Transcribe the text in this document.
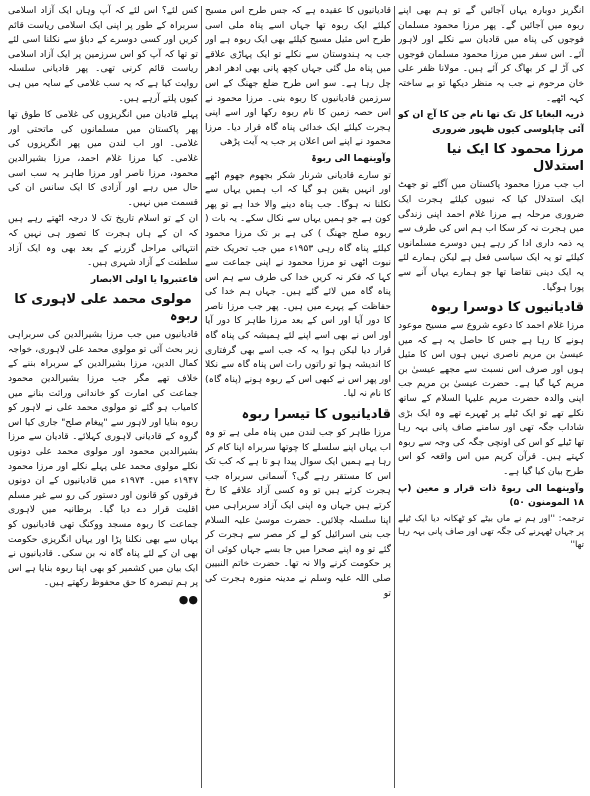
انگریز دوبارہ یہاں آجائیں گے تو ہم بھی اپنے ربوہ میں آجائیں گے۔ پھر مرزا محمود مسلمان فوجوں کی پناہ میں قادیان سے نکلے اور لاہور آئے۔ اس سفر میں مرزا محمود مسلمان فوجوں کی آڑ لے کر بھاگ کر آئے ہیں۔ مولانا ظفر علی خان مرحوم نے جب یہ منظر دیکھا تو بے ساختہ کہہ اٹھے۔

ذریہ البغایا کل تک تھا نام جن کا آج ان کو آئی چاپلوسی کیوں ظہور ضروری

مرزا محمود کا ایک نیا استدلال

اب جب مرزا محمود پاکستان میں آگئے تو جھٹ ایک استدلال کیا کہ نبیوں کیلئے ہجرت ایک ضروری مرحلہ ہے مرزا غلام احمد اپنی زندگی میں ہجرت نہ کر سکا اب ہم اس کی طرف سے یہ ذمہ داری ادا کر رہے ہیں دوسرے مسلمانوں کیلئے تو یہ ایک سیاسی فعل ہے لیکن ہمارے لئے یہ ایک دینی تقاضا تھا جو ہمارے یہاں آنے سے پورا ہوگیا۔

قادیانیوں کا دوسرا ربوہ

مرزا غلام احمد کا دعوے شروع سے مسیح موعود ہونے کا رہا ہے جس کا حاصل یہ ہے کہ میں عیسیٰ بن مریم ناصری نہیں ہوں اس کا مثیل ہوں اور صرف اس نسبت سے مجھے عیسیٰ بن مریم کہا گیا ہے۔ حضرت عیسیٰ بن مریم جب اپنی والدہ حضرت مریم علیہا السلام کے ساتھ نکلے تھے تو ایک ٹیلے پر ٹھہرے تھے وہ ایک بڑی شاداب جگہ تھی اور سامنے صاف پانی بہہ رہا تھا ٹیلے کو اس کی اونچی جگہ کی وجہ سے ربوہ کہتے ہیں۔ قرآن کریم میں اس واقعہ کو اس طرح بیان کیا گیا ہے۔

وآوینھما الی ربوۃ ذات قرار و معین (پ ۱۸ المومنون ۵۰)

ترجمہ: ''اور ہم نے ماں بیٹے کو ٹھکانہ دیا ایک ٹیلے پر جہاں ٹھہرنے کی جگہ تھی اور صاف پانی بہہ رہا تھا''

قادیانیوں کا عقیدہ ہے کہ جس طرح اس مسیح کیلئے ایک ربوہ تھا جہاں اسے پناہ ملی اسی طرح اس مثیل مسیح کیلئے بھی ایک ربوہ ہے اور جب یہ ہندوستان سے نکلے تو ایک پہاڑی علاقے میں پناہ مل گئی جہاں کچھ پانی بھی ادھر ادھر چل رہا ہے۔ سو اس طرح ضلع جھنگ کے اس سرزمین قادیانیوں کا ربوہ بنی۔ مرزا محمود نے اس حصہ زمین کا نام ربوہ رکھا اور اسے اپنی ہجرت کیلئے ایک خدائی پناہ گاہ قرار دیا۔ مرزا محمود نے اپنے اس اعلان پر جب یہ آیت پڑھی

وآوینھما الی ربوۃ

تو سارے قادیانی شرنار شکر بجھوم جھوم اٹھے اور انہیں یقین ہو گیا کہ اب ہمیں یہاں سے نکلنا نہ ہوگا۔ جب پناہ دینے والا خدا ہے تو پھر کون ہے جو ہمیں یہاں سے نکال سکے۔ یہ بات ( ربوہ صلح جھنگ ) کی ہے بر تک مرزا محمود کیلئے پناہ گاہ رہی ۱۹۵۳ء میں جب تحریک ختم نبوت اٹھی تو مرزا محمود نے اپنی جماعت سے کہا کہ فکر نہ کریں خدا کی طرف سے ہم اس پناہ گاہ میں لائے گئے ہیں۔ جہاں ہم خدا کی حفاظت کے پہرے میں ہیں۔ پھر جب مرزا ناصر کا دور آیا اور اس کے بعد مرزا طاہر کا دور آیا اور اس نے بھی اسے اپنے لئے ہمیشہ کی پناہ گاہ قرار دیا لیکن ہوا یہ کہ جب اسے بھی گرفتاری کا اندیشہ ہوا تو راتوں رات اس پناہ گاہ سے نکلا اور پھر اس نے کبھی اس کے ربوہ ہونے (پناہ گاہ) کا نام نہ لیا۔

قادیانیوں کا تیسرا ربوہ

مرزا طاہر کو جب لندن میں پناہ ملی ہے تو وہ اب یہاں اپنے سلسلے کا چوتھا سربراہ اپنا کام کر رہا ہے ہمیں ایک سوال پیدا ہو تا ہے کہ کب تک اس کا مستقر رہے گی؟ آسمانی سربراہ جب ہجرت کرتے ہیں تو وہ کسی آزاد علاقے کا رخ کرتے ہیں جہاں وہ اپنی ایک آزاد سربراہی میں اپنا سلسلہ چلائیں۔ حضرت موسیٰ علیہ السلام جب بنی اسرائیل کو لے کر مصر سے ہجرت کر گئے تو وہ اپنے صحرا میں جا بسے جہاں کوئی ان پر حکومت کرنے والا نہ تھا۔ حضرت خاتم النبیین صلی اللہ علیہ وسلم نے مدینہ منورہ ہجرت کی تو

کس لئے؟ اس لئے کہ آپ وہاں ایک آزاد اسلامی سربراہ کے طور پر اپنی ایک اسلامی ریاست قائم کریں اور کسی دوسرے کے دباؤ سے نکلنا اسی لئے تو تھا کہ آپ کو اس سرزمین پر ایک آزاد اسلامی ریاست قائم کرنی تھی۔ پھر قادیانی سلسلہ روایت کیا ہے کہ یہ سب غلامی کے سایہ میں ہی کیوں پلتے آرہے ہیں۔

پہلے قادیان میں انگریزوں کی غلامی کا طوق تھا پھر پاکستان میں مسلمانوں کی ماتحتی اور غلامی۔ اور اب لندن میں پھر انگریزوں کی غلامی۔ کیا مرزا غلام احمد، مرزا بشیرالدین محمود، مرزا ناصر اور مرزا طاہر یہ سب اسی حال میں رہے اور آزادی کا ایک سانس ان کی قسمت میں نہیں۔

ان کے تو اسلام تاریخ تک لا درجہ اٹھتے رہے ہیں کہ ان کے ہاں ہجرت کا تصور ہی نہیں کہ انتہائی مراحل گزرنے کے بعد بھی وہ ایک آزاد سلطنت کے آزاد شہری ہیں۔

فاعتبروا یا اولی الابصار

مولوی محمد علی لاہوری کا ربوہ

قادیانیوں میں جب مرزا بشیرالدین کی سربراہی زیر بحث آئی تو مولوی محمد علی لاہوری، خواجہ کمال الدین، مرزا بشیرالدین کے سربراہ بننے کے خلاف تھے مگر جب مرزا بشیرالدین محمود جماعت کی امارت کو خاندانی وراثت بنانے میں کامیاب ہو گئے تو مولوی محمد علی نے لاہور کو ربوہ بنایا اور لاہور سے "پیغام صلح" جاری کیا اس گروہ کے قادیانی لاہوری کہلائے۔ قادیان سے مرزا بشیرالدین محمود اور مولوی محمد علی دونوں نکلے مولوی محمد علی پہلے نکلے اور مرزا محمود ۱۹۴۷ء میں۔ ۱۹۷۴ء میں قادیانیوں کے ان دونوں فرقوں کو قانون اور دستور کی رو سے غیر مسلم اقلیت قرار دے دیا گیا۔ برطانیہ میں لاہوری جماعت کا ربوہ مسجد ووکنگ تھی قادیانیوں کو یہاں سے بھی نکلنا پڑا اور یہاں انگریزی حکومت بھی ان کے لئے پناہ گاہ نہ بن سکی۔ قادیانیوں نے ایک بیان میں کشمیر کو بھی اپنا ربوہ بنایا ہے اس پر ہم تبصرہ کا حق محفوظ رکھتے ہیں۔

●●
